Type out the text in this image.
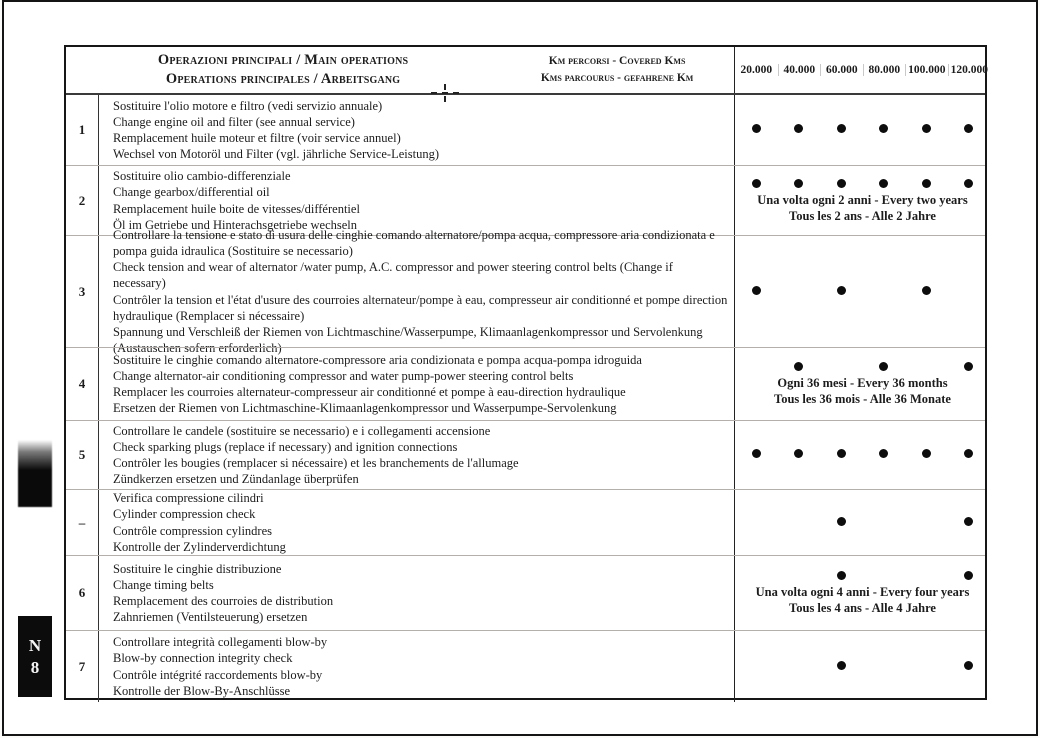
Operazioni principali / Main operations
Operations principales / Arbeitsgang
Km percorsi - Covered Kms
Kms parcourus - gefahrene Km
20.000 40.000 60.000 80.000 100.000 120.000
1
Sostituire l'olio motore e filtro (vedi servizio annuale)
Change engine oil and filter (see annual service)
Remplacement huile moteur et filtre (voir service annuel)
Wechsel von Motoröl und Filter (vgl. jährliche Service-Leistung)
2
Sostituire olio cambio-differenziale
Change gearbox/differential oil
Remplacement huile boite de vitesses/différentiel
Öl im Getriebe und Hinterachsgetriebe wechseln
Una volta ogni 2 anni - Every two years
Tous les 2 ans - Alle 2 Jahre
3
Controllare la tensione e stato di usura delle cinghie comando alternatore/pompa acqua, compressore aria condizionata e pompa guida idraulica (Sostituire se necessario)
Check tension and wear of alternator /water pump, A.C. compressor and power steering control belts (Change if necessary)
Contrôler la tension et l'état d'usure des courroies alternateur/pompe à eau, compresseur air conditionné et pompe direction hydraulique (Remplacer si nécessaire)
Spannung und Verschleiß der Riemen von Lichtmaschine/Wasserpumpe, Klimaanlagenkompressor und Servolenkung (Austauschen sofern erforderlich)
4
Sostituire le cinghie comando alternatore-compressore aria condizionata e pompa acqua-pompa idroguida
Change alternator-air conditioning compressor and water pump-power steering control belts
Remplacer les courroies alternateur-compresseur air conditionné et pompe à eau-direction hydraulique
Ersetzen der Riemen von Lichtmaschine-Klimaanlagenkompressor und Wasserpumpe-Servolenkung
Ogni 36 mesi - Every 36 months
Tous les 36 mois - Alle 36 Monate
5
Controllare le candele (sostituire se necessario) e i collegamenti accensione
Check sparking plugs (replace if necessary) and ignition connections
Contrôler les bougies (remplacer si nécessaire) et les branchements de l'allumage
Zündkerzen ersetzen und Zündanlage überprüfen
–
Verifica compressione cilindri
Cylinder compression check
Contrôle compression cylindres
Kontrolle der Zylinderverdichtung
6
Sostituire le cinghie distribuzione
Change timing belts
Remplacement des courroies de distribution
Zahnriemen (Ventilsteuerung) ersetzen
Una volta ogni 4 anni - Every four years
Tous les 4 ans - Alle 4 Jahre
7
Controllare integrità collegamenti blow-by
Blow-by connection integrity check
Contrôle intégrité raccordements blow-by
Kontrolle der Blow-By-Anschlüsse
N
8
